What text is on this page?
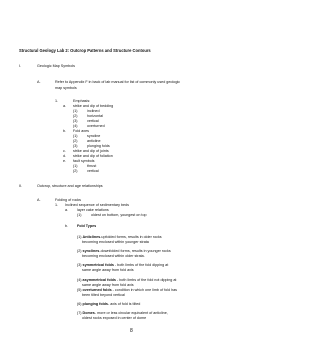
Structural Geology Lab 2: Outcrop Patterns and Structure Contours
I.	Geologic Map Symbols
A.	Refer to Appendix F in back of lab manual for list of commonly used geologic
map symbols
1.	Emphasis:
a. strike and dip of bedding
(1)	inclined
(2)	horizontal
(3)	vertical
(4)	overturned
b. Fold axes
(1)	syncline
(2)	anticline
(3)	plunging folds
c. strike and dip of joints
d. strike and dip of foliation
e. fault symbols
(1)	thrust
(2)	vertical
II.	Outcrop, structure and age relationships
A.	Folding of rocks
1. Inclined sequence of sedimentary beds
a. layer cake relations
(1)	oldest on bottom, youngest on top
b. Fold Types
(1) Anticlines-upfolded forms, results in older rocks
becoming enclosed within younger strata
(2) synclines-downfolded forms, results in younger rocks
becoming enclosed within older strata.
(3) symmetrical folds - both limbs of the fold dipping at
same angle away from fold axis
(4) asymmetrical folds - both limbs of the fold not dipping at
same angle away from fold axis
(5) overturned folds - condition in which one limb of fold has
been tilted beyond vertical
(6) plunging folds- axis of fold is tilted
(7) Domes- more or less circular equivalent of anticline,
oldest rocks exposed in center of dome
8
